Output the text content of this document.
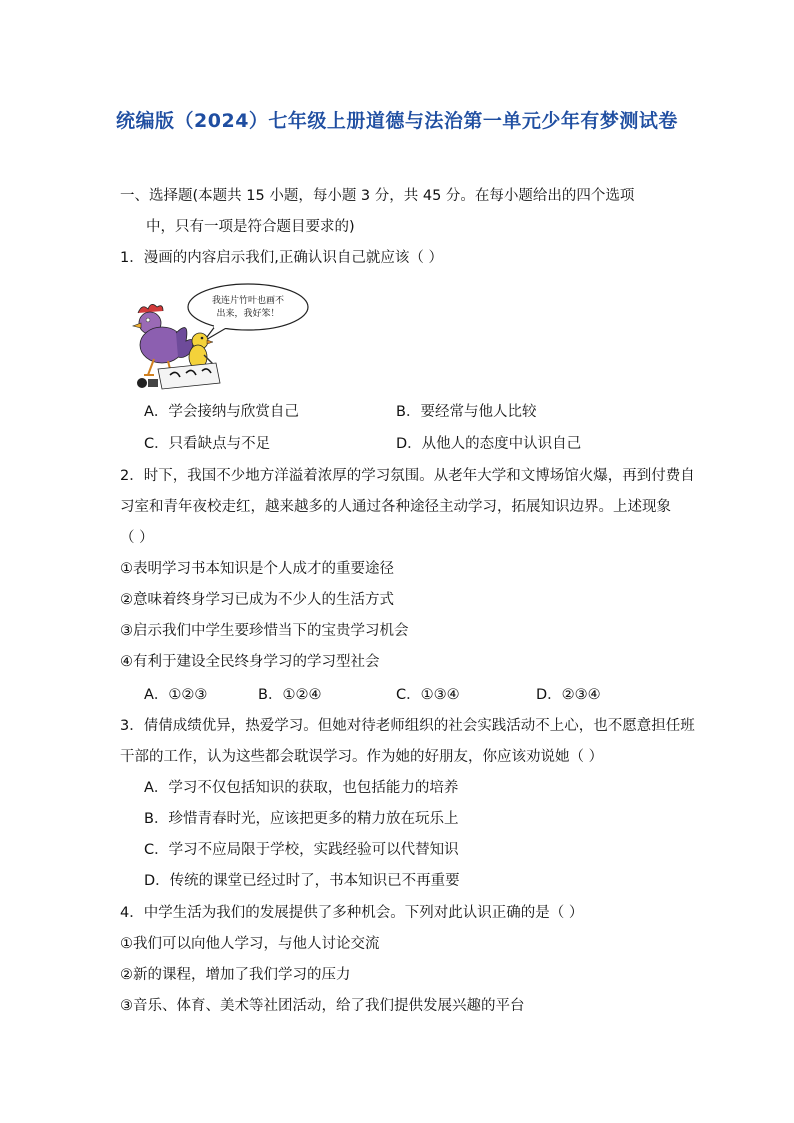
统编版（2024）七年级上册道德与法治第一单元少年有梦测试卷
一、选择题(本题共 15 小题，每小题 3 分，共 45 分。在每小题给出的四个选项
中，只有一项是符合题目要求的)
1．漫画的内容启示我们,正确认识自己就应该（ ）
我连片竹叶也画不
出来，我好笨！
A．学会接纳与欣赏自己	B．要经常与他人比较
C．只看缺点与不足	D．从他人的态度中认识自己
2．时下，我国不少地方洋溢着浓厚的学习氛围。从老年大学和文博场馆火爆，再到付费自
习室和青年夜校走红，越来越多的人通过各种途径主动学习，拓展知识边界。上述现象
（ ）
①表明学习书本知识是个人成才的重要途径
②意味着终身学习已成为不少人的生活方式
③启示我们中学生要珍惜当下的宝贵学习机会
④有利于建设全民终身学习的学习型社会
A．①②③	B．①②④	C．①③④	D．②③④
3．倩倩成绩优异，热爱学习。但她对待老师组织的社会实践活动不上心，也不愿意担任班
干部的工作，认为这些都会耽误学习。作为她的好朋友，你应该劝说她（ ）
A．学习不仅包括知识的获取，也包括能力的培养
B．珍惜青春时光，应该把更多的精力放在玩乐上
C．学习不应局限于学校，实践经验可以代替知识
D．传统的课堂已经过时了，书本知识已不再重要
4．中学生活为我们的发展提供了多种机会。下列对此认识正确的是（ ）
①我们可以向他人学习，与他人讨论交流
②新的课程，增加了我们学习的压力
③音乐、体育、美术等社团活动，给了我们提供发展兴趣的平台
